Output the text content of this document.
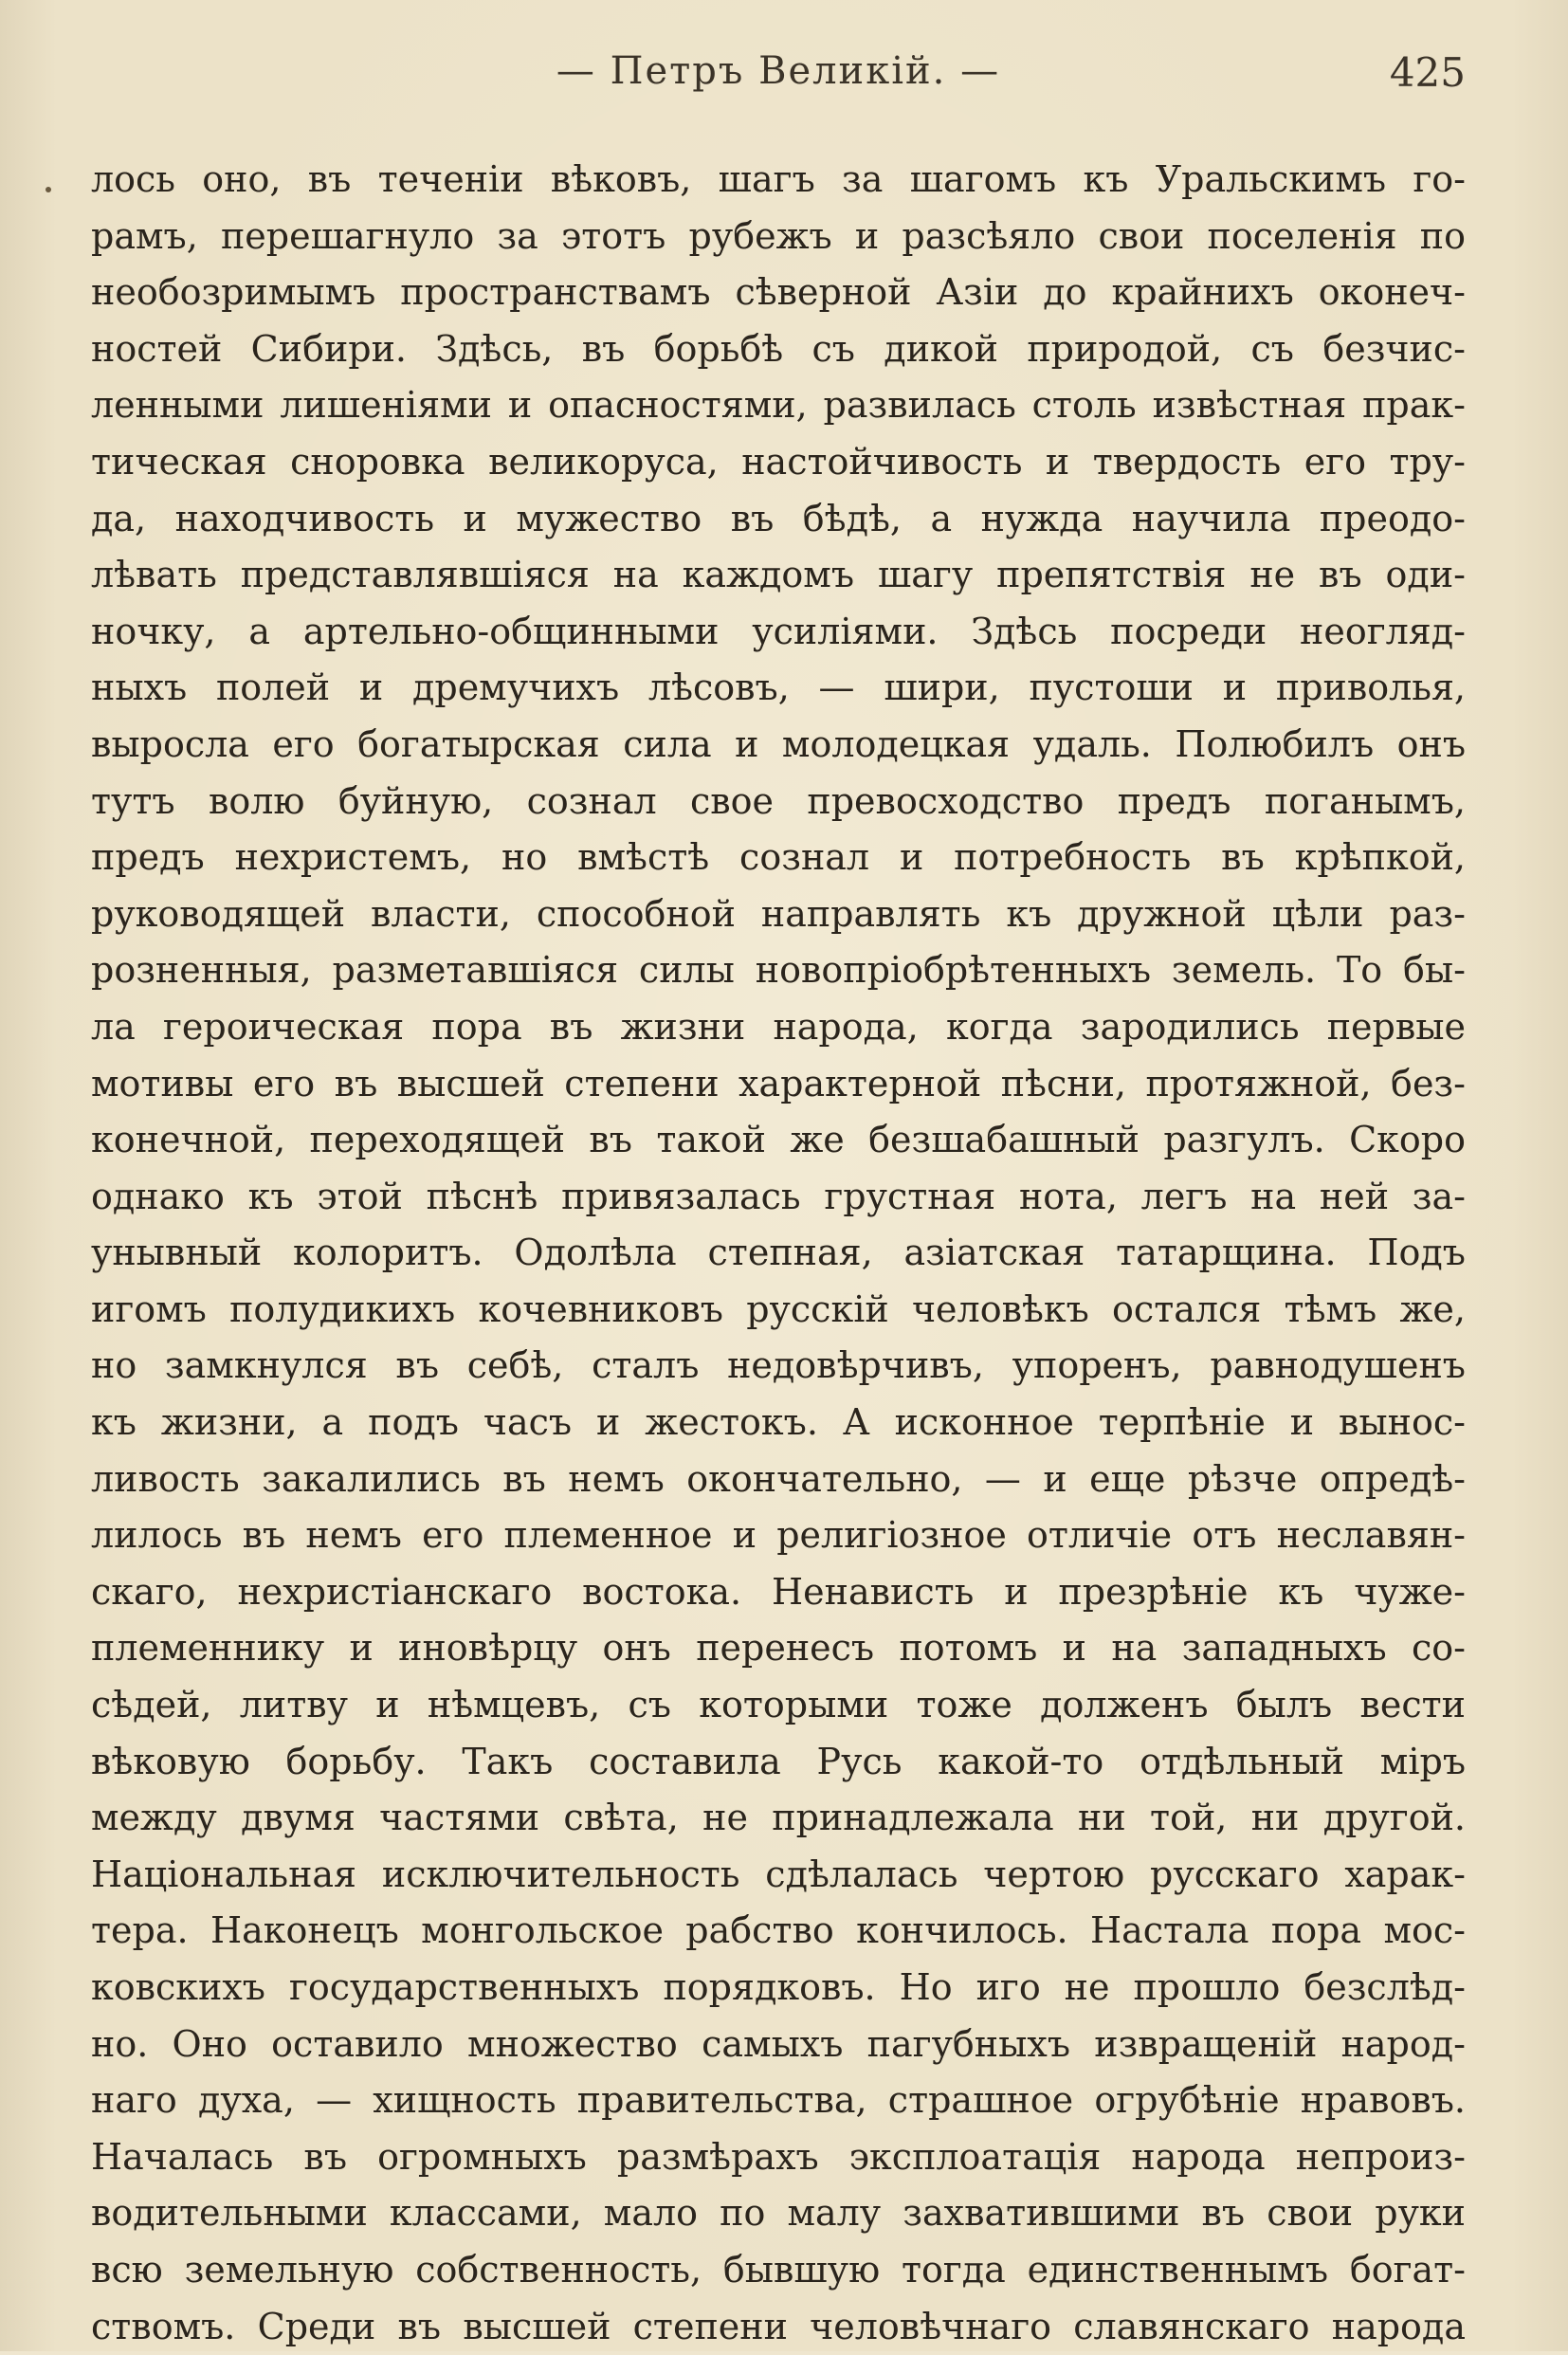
— Петръ Великій. —	425
лось оно, въ теченіи вѣковъ, шагъ за шагомъ къ Уральскимъ го-
рамъ, перешагнуло за этотъ рубежъ и разсѣяло свои поселенія по
необозримымъ пространствамъ сѣверной Азіи до крайнихъ оконеч-
ностей Сибири. Здѣсь, въ борьбѣ съ дикой природой, съ безчис-
ленными лишеніями и опасностями, развилась столь извѣстная прак-
тическая сноровка великоруса, настойчивость и твердость его тру-
да, находчивость и мужество въ бѣдѣ, а нужда научила преодо-
лѣвать представлявшіяся на каждомъ шагу препятствія не въ оди-
ночку, а артельно-общинными усиліями. Здѣсь посреди неогляд-
ныхъ полей и дремучихъ лѣсовъ, — шири, пустоши и приволья,
выросла его богатырская сила и молодецкая удаль. Полюбилъ онъ
тутъ волю буйную, сознал свое превосходство предъ поганымъ,
предъ нехристемъ, но вмѣстѣ сознал и потребность въ крѣпкой,
руководящей власти, способной направлять къ дружной цѣли раз-
розненныя, разметавшіяся силы новопріобрѣтенныхъ земель. То бы-
ла героическая пора въ жизни народа, когда зародились первые
мотивы его въ высшей степени характерной пѣсни, протяжной, без-
конечной, переходящей въ такой же безшабашный разгулъ. Скоро
однако къ этой пѣснѣ привязалась грустная нота, легъ на ней за-
унывный колоритъ. Одолѣла степная, азіатская татарщина. Подъ
игомъ полудикихъ кочевниковъ русскій человѣкъ остался тѣмъ же,
но замкнулся въ себѣ, сталъ недовѣрчивъ, упоренъ, равнодушенъ
къ жизни, а подъ часъ и жестокъ. А исконное терпѣніе и вынос-
ливость закалились въ немъ окончательно, — и еще рѣзче опредѣ-
лилось въ немъ его племенное и религіозное отличіе отъ неславян-
скаго, нехристіанскаго востока. Ненависть и презрѣніе къ чуже-
племеннику и иновѣрцу онъ перенесъ потомъ и на западныхъ со-
сѣдей, литву и нѣмцевъ, съ которыми тоже долженъ былъ вести
вѣковую борьбу. Такъ составила Русь какой-то отдѣльный міръ
между двумя частями свѣта, не принадлежала ни той, ни другой.
Національная исключительность сдѣлалась чертою русскаго харак-
тера. Наконецъ монгольское рабство кончилось. Настала пора мос-
ковскихъ государственныхъ порядковъ. Но иго не прошло безслѣд-
но. Оно оставило множество самыхъ пагубныхъ извращеній народ-
наго духа, — хищность правительства, страшное огрубѣніе нравовъ.
Началась въ огромныхъ размѣрахъ эксплоатація народа непроиз-
водительными классами, мало по малу захватившими въ свои руки
всю земельную собственность, бывшую тогда единственнымъ богат-
ствомъ. Среди въ высшей степени человѣчнаго славянскаго народа
